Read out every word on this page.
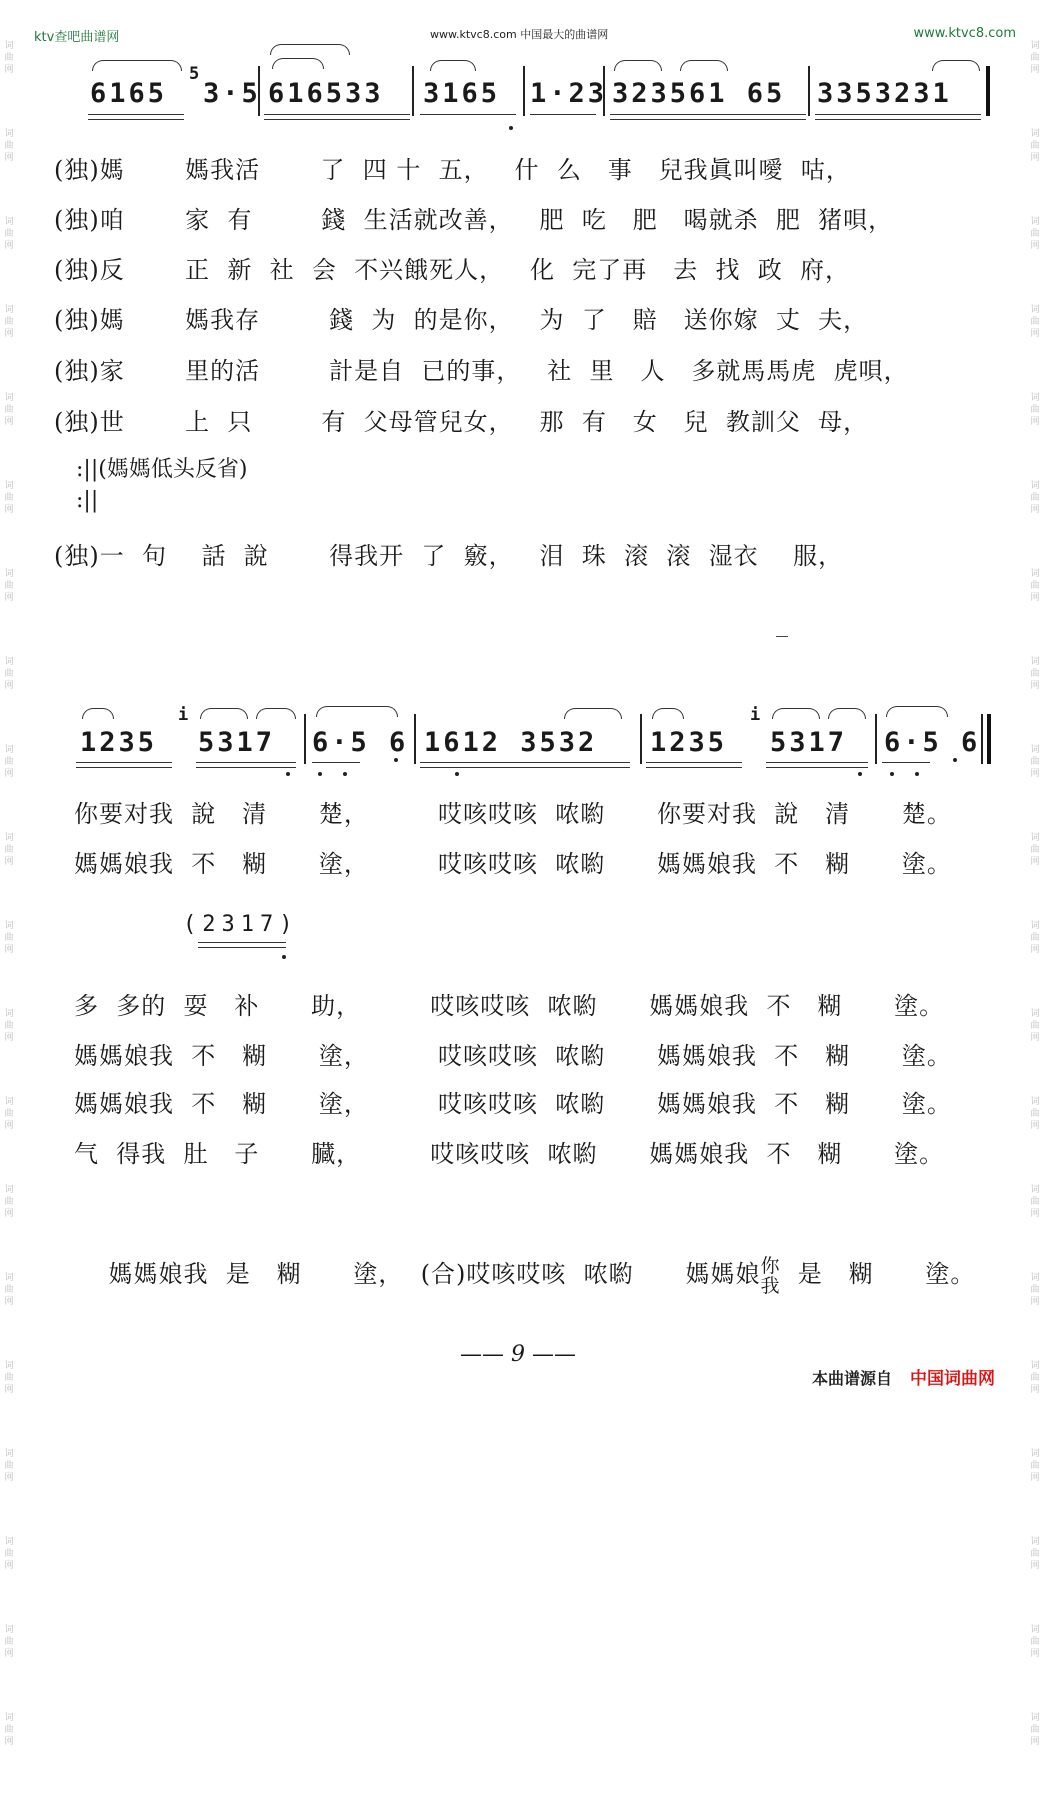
ktv查吧曲谱网	www.ktvc8.com 中国最大的曲谱网	www.ktvc8.com
词曲网
词曲网
词曲网
词曲网
词曲网
词曲网
词曲网
词曲网
词曲网
词曲网
词曲网
词曲网
词曲网
词曲网
词曲网
词曲网
词曲网
词曲网
词曲网
词曲网
词曲网
词曲网
词曲网
词曲网
词曲网
词曲网
词曲网
词曲网
词曲网
词曲网
词曲网
词曲网
词曲网
词曲网
词曲网
词曲网
词曲网
词曲网
词曲网
词曲网
6165
5
3·5 616533 3165 1·23 323561 65 3353231
(独)媽       媽我活       了  四 十  五，   什  么   事   兒我眞叫噯  咕，
(独)咱       家  有        錢  生活就改善，   肥  吃   肥   喝就杀  肥  猪唄，
(独)反       正  新  社  会  不兴餓死人，   化  完了再   去  找  政  府，
(独)媽       媽我存        錢  为  的是你，   为  了   賠   送你嫁  丈  夫，
(独)家       里的活        計是自  已的事，   社  里   人   多就馬馬虎  虎唄，
(独)世       上  只        有  父母管兒女，   那  有   女   兒  教訓父  母，
:||(媽媽低头反省)
:||
(独)一  句    話  說       得我开  了  竅，   泪  珠  滚  滚  湿衣    服，
1235
i
5317 6·5 6 1612 3532 1235
i
5317 6·5 6
你要对我  說   清      楚，        哎咳哎咳  哝喲      你要对我  說   清      楚。
媽媽娘我  不   糊      塗，        哎咳哎咳  哝喲      媽媽娘我  不   糊      塗。
(2317)
多  多的  耍   补      助，        哎咳哎咳  哝喲      媽媽娘我  不   糊      塗。
媽媽娘我  不   糊      塗，        哎咳哎咳  哝喲      媽媽娘我  不   糊      塗。
媽媽娘我  不   糊      塗，        哎咳哎咳  哝喲      媽媽娘我  不   糊      塗。
气  得我  肚   子      臓，        哎咳哎咳  哝喲      媽媽娘我  不   糊      塗。

媽媽娘我  是   糊      塗，  (合)哎咳哎咳  哝喲      媽媽娘 你
我 是   糊      塗。

—— 9 ——
本曲谱源自 中国词曲网
